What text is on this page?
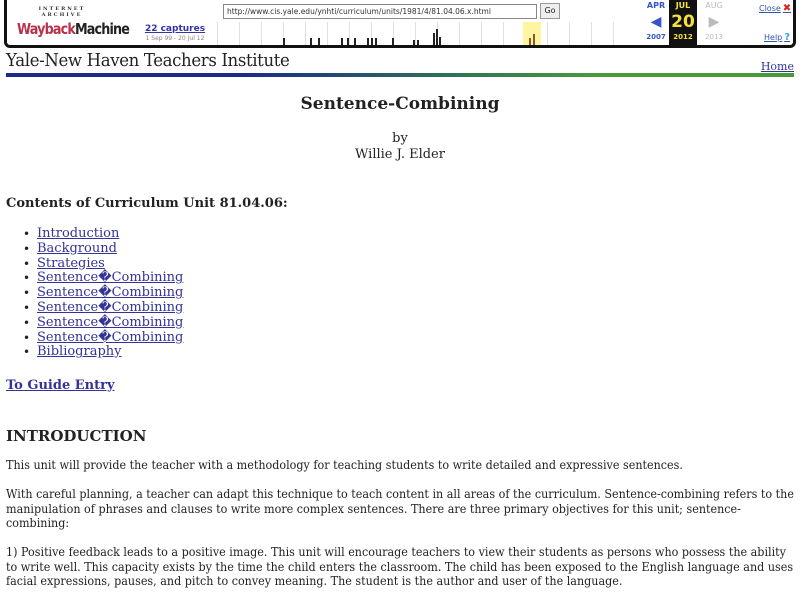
INTERNET ARCHIVE
WaybackMachine	22 captures
1 Sep 99 - 20 Jul 12
http://www.cis.yale.edu/ynhti/curriculum/units/1981/4/81.04.06.x.html	Go
APR
◀
2007
JUL
20
2012
AUG
▶
2013
Close ✖
Help ?
Yale-New Haven Teachers Institute	Home
Sentence-Combining
by
Willie J. Elder
Contents of Curriculum Unit 81.04.06:
• Introduction
• Background
• Strategies
• Sentence�Combining
• Sentence�Combining
• Sentence�Combining
• Sentence�Combining
• Sentence�Combining
• Bibliography
To Guide Entry
INTRODUCTION

This unit will provide the teacher with a methodology for teaching students to write detailed and expressive sentences.

With careful planning, a teacher can adapt this technique to teach content in all areas of the curriculum. Sentence-combining refers to the manipulation of phrases and clauses to write more complex sentences. There are three primary objectives for this unit; sentence-combining:

1) Positive feedback leads to a positive image. This unit will encourage teachers to view their students as persons who possess the ability to write well. This capacity exists by the time the child enters the classroom. The child has been exposed to the English language and uses facial expressions, pauses, and pitch to convey meaning. The student is the author and user of the language.
